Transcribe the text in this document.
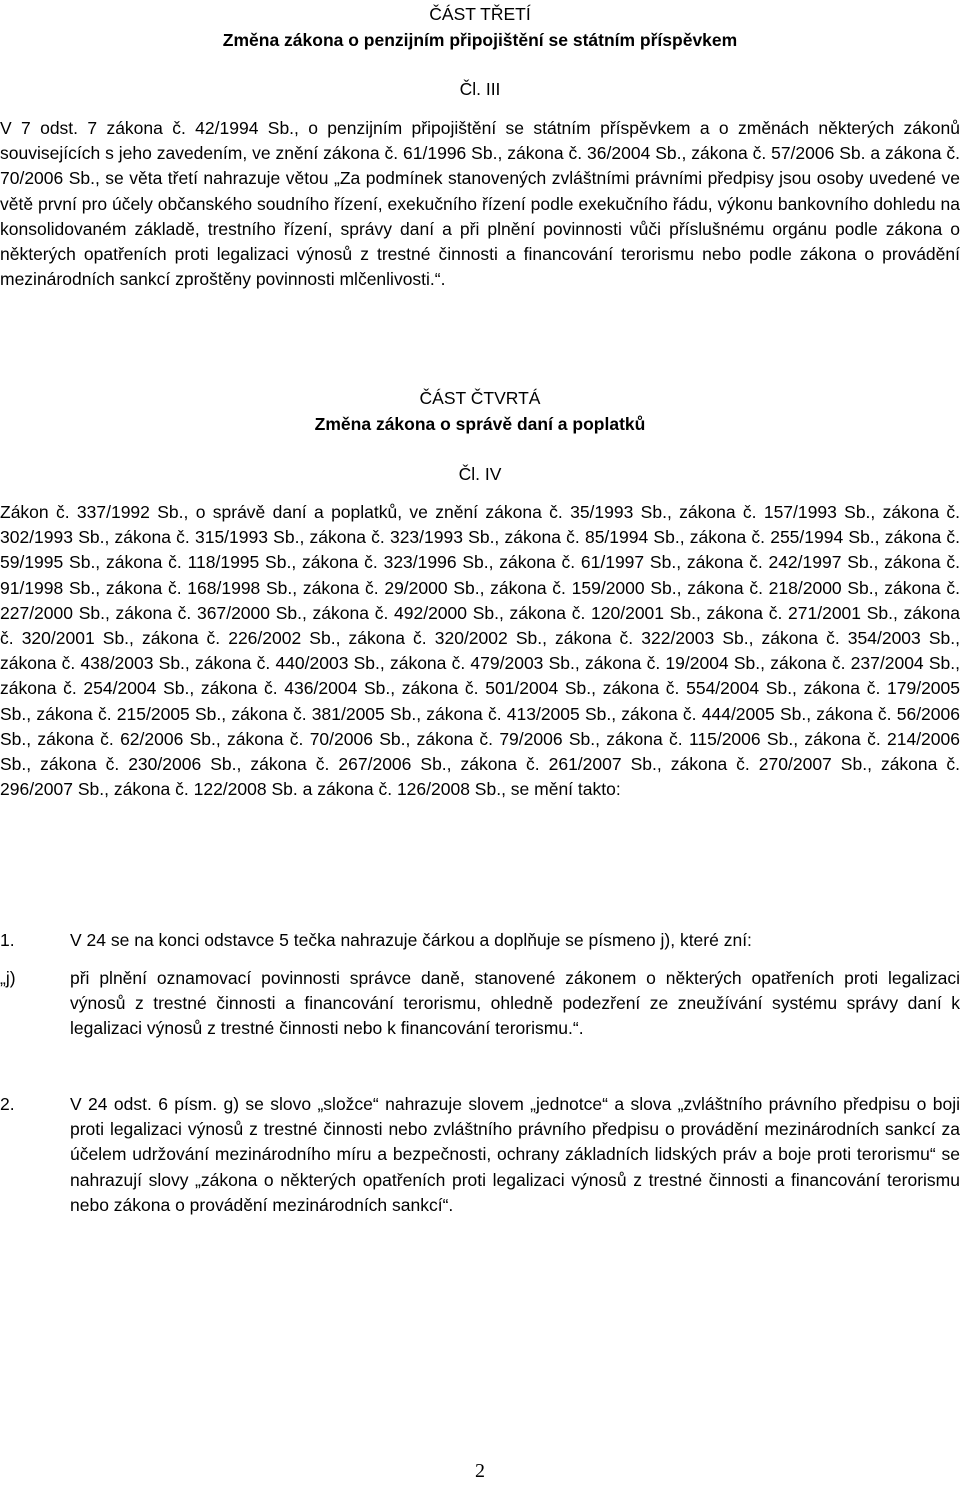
ČÁST TŘETÍ
Změna zákona o penzijním připojištění se státním příspěvkem
Čl. III

V 7 odst. 7 zákona č. 42/1994 Sb., o penzijním připojištění se státním příspěvkem a o změnách některých zákonů souvisejících s jeho zavedením, ve znění zákona č. 61/1996 Sb., zákona č. 36/2004 Sb., zákona č. 57/2006 Sb. a zákona č. 70/2006 Sb., se věta třetí nahrazuje větou „Za podmínek stanovených zvláštními právními předpisy jsou osoby uvedené ve větě první pro účely občanského soudního řízení, exekučního řízení podle exekučního řádu, výkonu bankovního dohledu na konsolidovaném základě, trestního řízení, správy daní a při plnění povinnosti vůči příslušnému orgánu podle zákona o některých opatřeních proti legalizaci výnosů z trestné činnosti a financování terorismu nebo podle zákona o provádění mezinárodních sankcí zproštěny povinnosti mlčenlivosti.“.

ČÁST ČTVRTÁ
Změna zákona o správě daní a poplatků
Čl. IV

Zákon č. 337/1992 Sb., o správě daní a poplatků, ve znění zákona č. 35/1993 Sb., zákona č. 157/1993 Sb., zákona č. 302/1993 Sb., zákona č. 315/1993 Sb., zákona č. 323/1993 Sb., zákona č. 85/1994 Sb., zákona č. 255/1994 Sb., zákona č. 59/1995 Sb., zákona č. 118/1995 Sb., zákona č. 323/1996 Sb., zákona č. 61/1997 Sb., zákona č. 242/1997 Sb., zákona č. 91/1998 Sb., zákona č. 168/1998 Sb., zákona č. 29/2000 Sb., zákona č. 159/2000 Sb., zákona č. 218/2000 Sb., zákona č. 227/2000 Sb., zákona č. 367/2000 Sb., zákona č. 492/2000 Sb., zákona č. 120/2001 Sb., zákona č. 271/2001 Sb., zákona č. 320/2001 Sb., zákona č. 226/2002 Sb., zákona č. 320/2002 Sb., zákona č. 322/2003 Sb., zákona č. 354/2003 Sb., zákona č. 438/2003 Sb., zákona č. 440/2003 Sb., zákona č. 479/2003 Sb., zákona č. 19/2004 Sb., zákona č. 237/2004 Sb., zákona č. 254/2004 Sb., zákona č. 436/2004 Sb., zákona č. 501/2004 Sb., zákona č. 554/2004 Sb., zákona č. 179/2005 Sb., zákona č. 215/2005 Sb., zákona č. 381/2005 Sb., zákona č. 413/2005 Sb., zákona č. 444/2005 Sb., zákona č. 56/2006 Sb., zákona č. 62/2006 Sb., zákona č. 70/2006 Sb., zákona č. 79/2006 Sb., zákona č. 115/2006 Sb., zákona č. 214/2006 Sb., zákona č. 230/2006 Sb., zákona č. 267/2006 Sb., zákona č. 261/2007 Sb., zákona č. 270/2007 Sb., zákona č. 296/2007 Sb., zákona č. 122/2008 Sb. a zákona č. 126/2008 Sb., se mění takto:

1.	V 24 se na konci odstavce 5 tečka nahrazuje čárkou a doplňuje se písmeno j), které zní:

„j)	při plnění oznamovací povinnosti správce daně, stanovené zákonem o některých opatřeních proti legalizaci výnosů z trestné činnosti a financování terorismu, ohledně podezření ze zneužívání systému správy daní k legalizaci výnosů z trestné činnosti nebo k financování terorismu.“.

2.	V 24 odst. 6 písm. g) se slovo „složce“ nahrazuje slovem „jednotce“ a slova „zvláštního právního předpisu o boji proti legalizaci výnosů z trestné činnosti nebo zvláštního právního předpisu o provádění mezinárodních sankcí za účelem udržování mezinárodního míru a bezpečnosti, ochrany základních lidských práv a boje proti terorismu“ se nahrazují slovy „zákona o některých opatřeních proti legalizaci výnosů z trestné činnosti a financování terorismu nebo zákona o provádění mezinárodních sankcí“.

2
